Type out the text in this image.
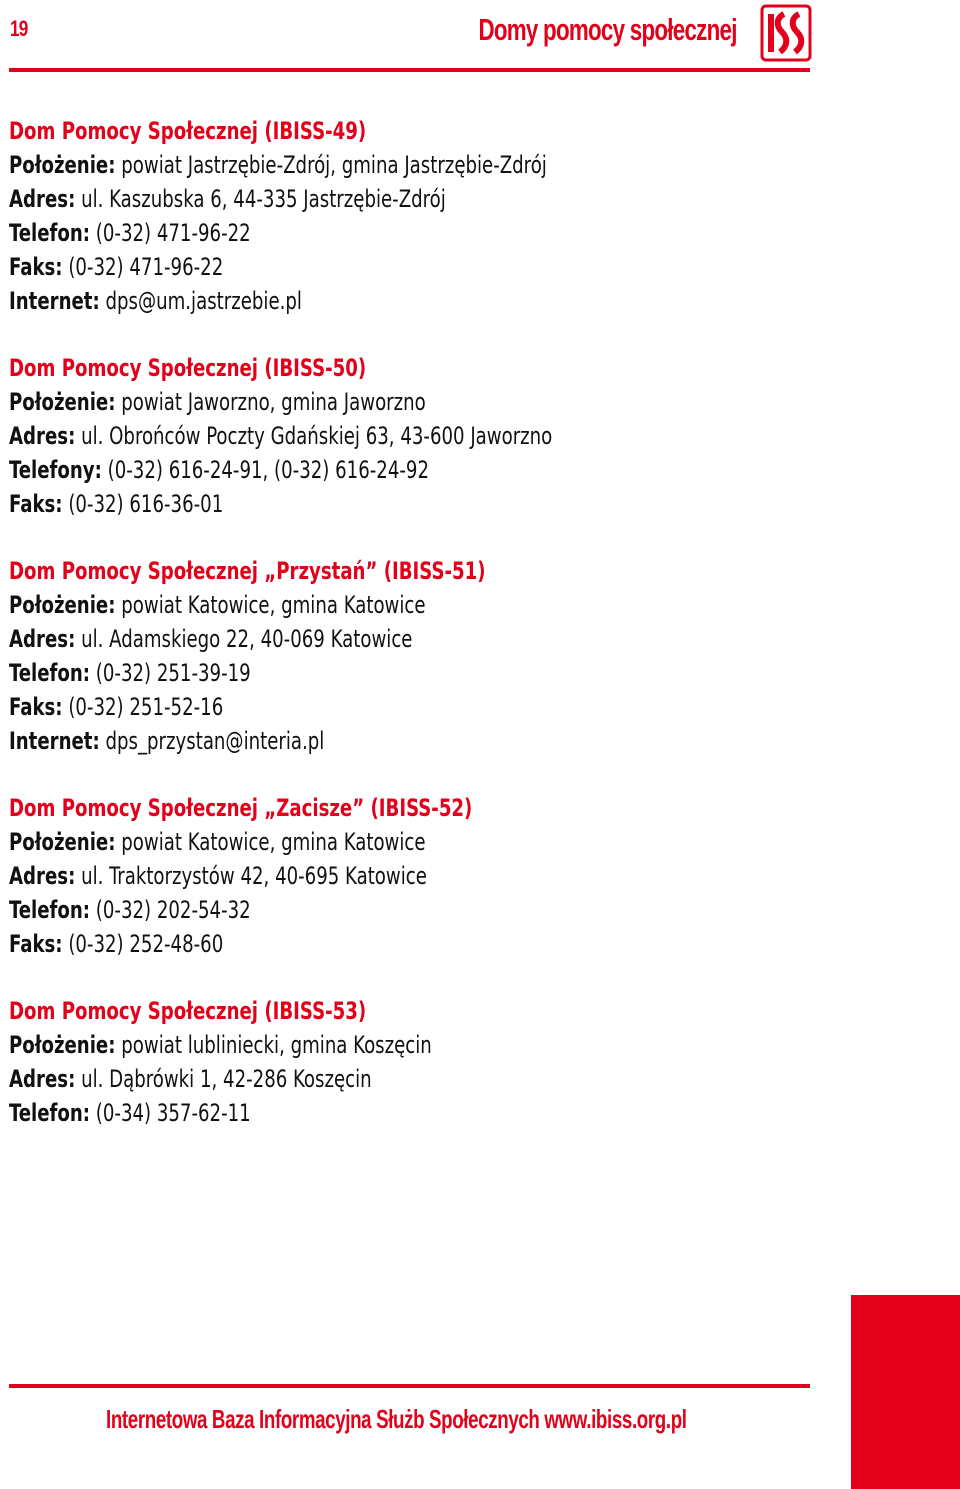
19	Domy pomocy społecznej
Dom Pomocy Społecznej (IBISS-49)
Położenie: powiat Jastrzębie-Zdrój, gmina Jastrzębie-Zdrój
Adres: ul. Kaszubska 6, 44-335 Jastrzębie-Zdrój
Telefon: (0-32) 471-96-22
Faks: (0-32) 471-96-22
Internet: dps@um.jastrzebie.pl
Dom Pomocy Społecznej (IBISS-50)
Położenie: powiat Jaworzno, gmina Jaworzno
Adres: ul. Obrońców Poczty Gdańskiej 63, 43-600 Jaworzno
Telefony: (0-32) 616-24-91, (0-32) 616-24-92
Faks: (0-32) 616-36-01
Dom Pomocy Społecznej „Przystań” (IBISS-51)
Położenie: powiat Katowice, gmina Katowice
Adres: ul. Adamskiego 22, 40-069 Katowice
Telefon: (0-32) 251-39-19
Faks: (0-32) 251-52-16
Internet: dps_przystan@interia.pl
Dom Pomocy Społecznej „Zacisze” (IBISS-52)
Położenie: powiat Katowice, gmina Katowice
Adres: ul. Traktorzystów 42, 40-695 Katowice
Telefon: (0-32) 202-54-32
Faks: (0-32) 252-48-60
Dom Pomocy Społecznej (IBISS-53)
Położenie: powiat lubliniecki, gmina Koszęcin
Adres: ul. Dąbrówki 1, 42-286 Koszęcin
Telefon: (0-34) 357-62-11
Internetowa Baza Informacyjna Służb Społecznych www.ibiss.org.pl
